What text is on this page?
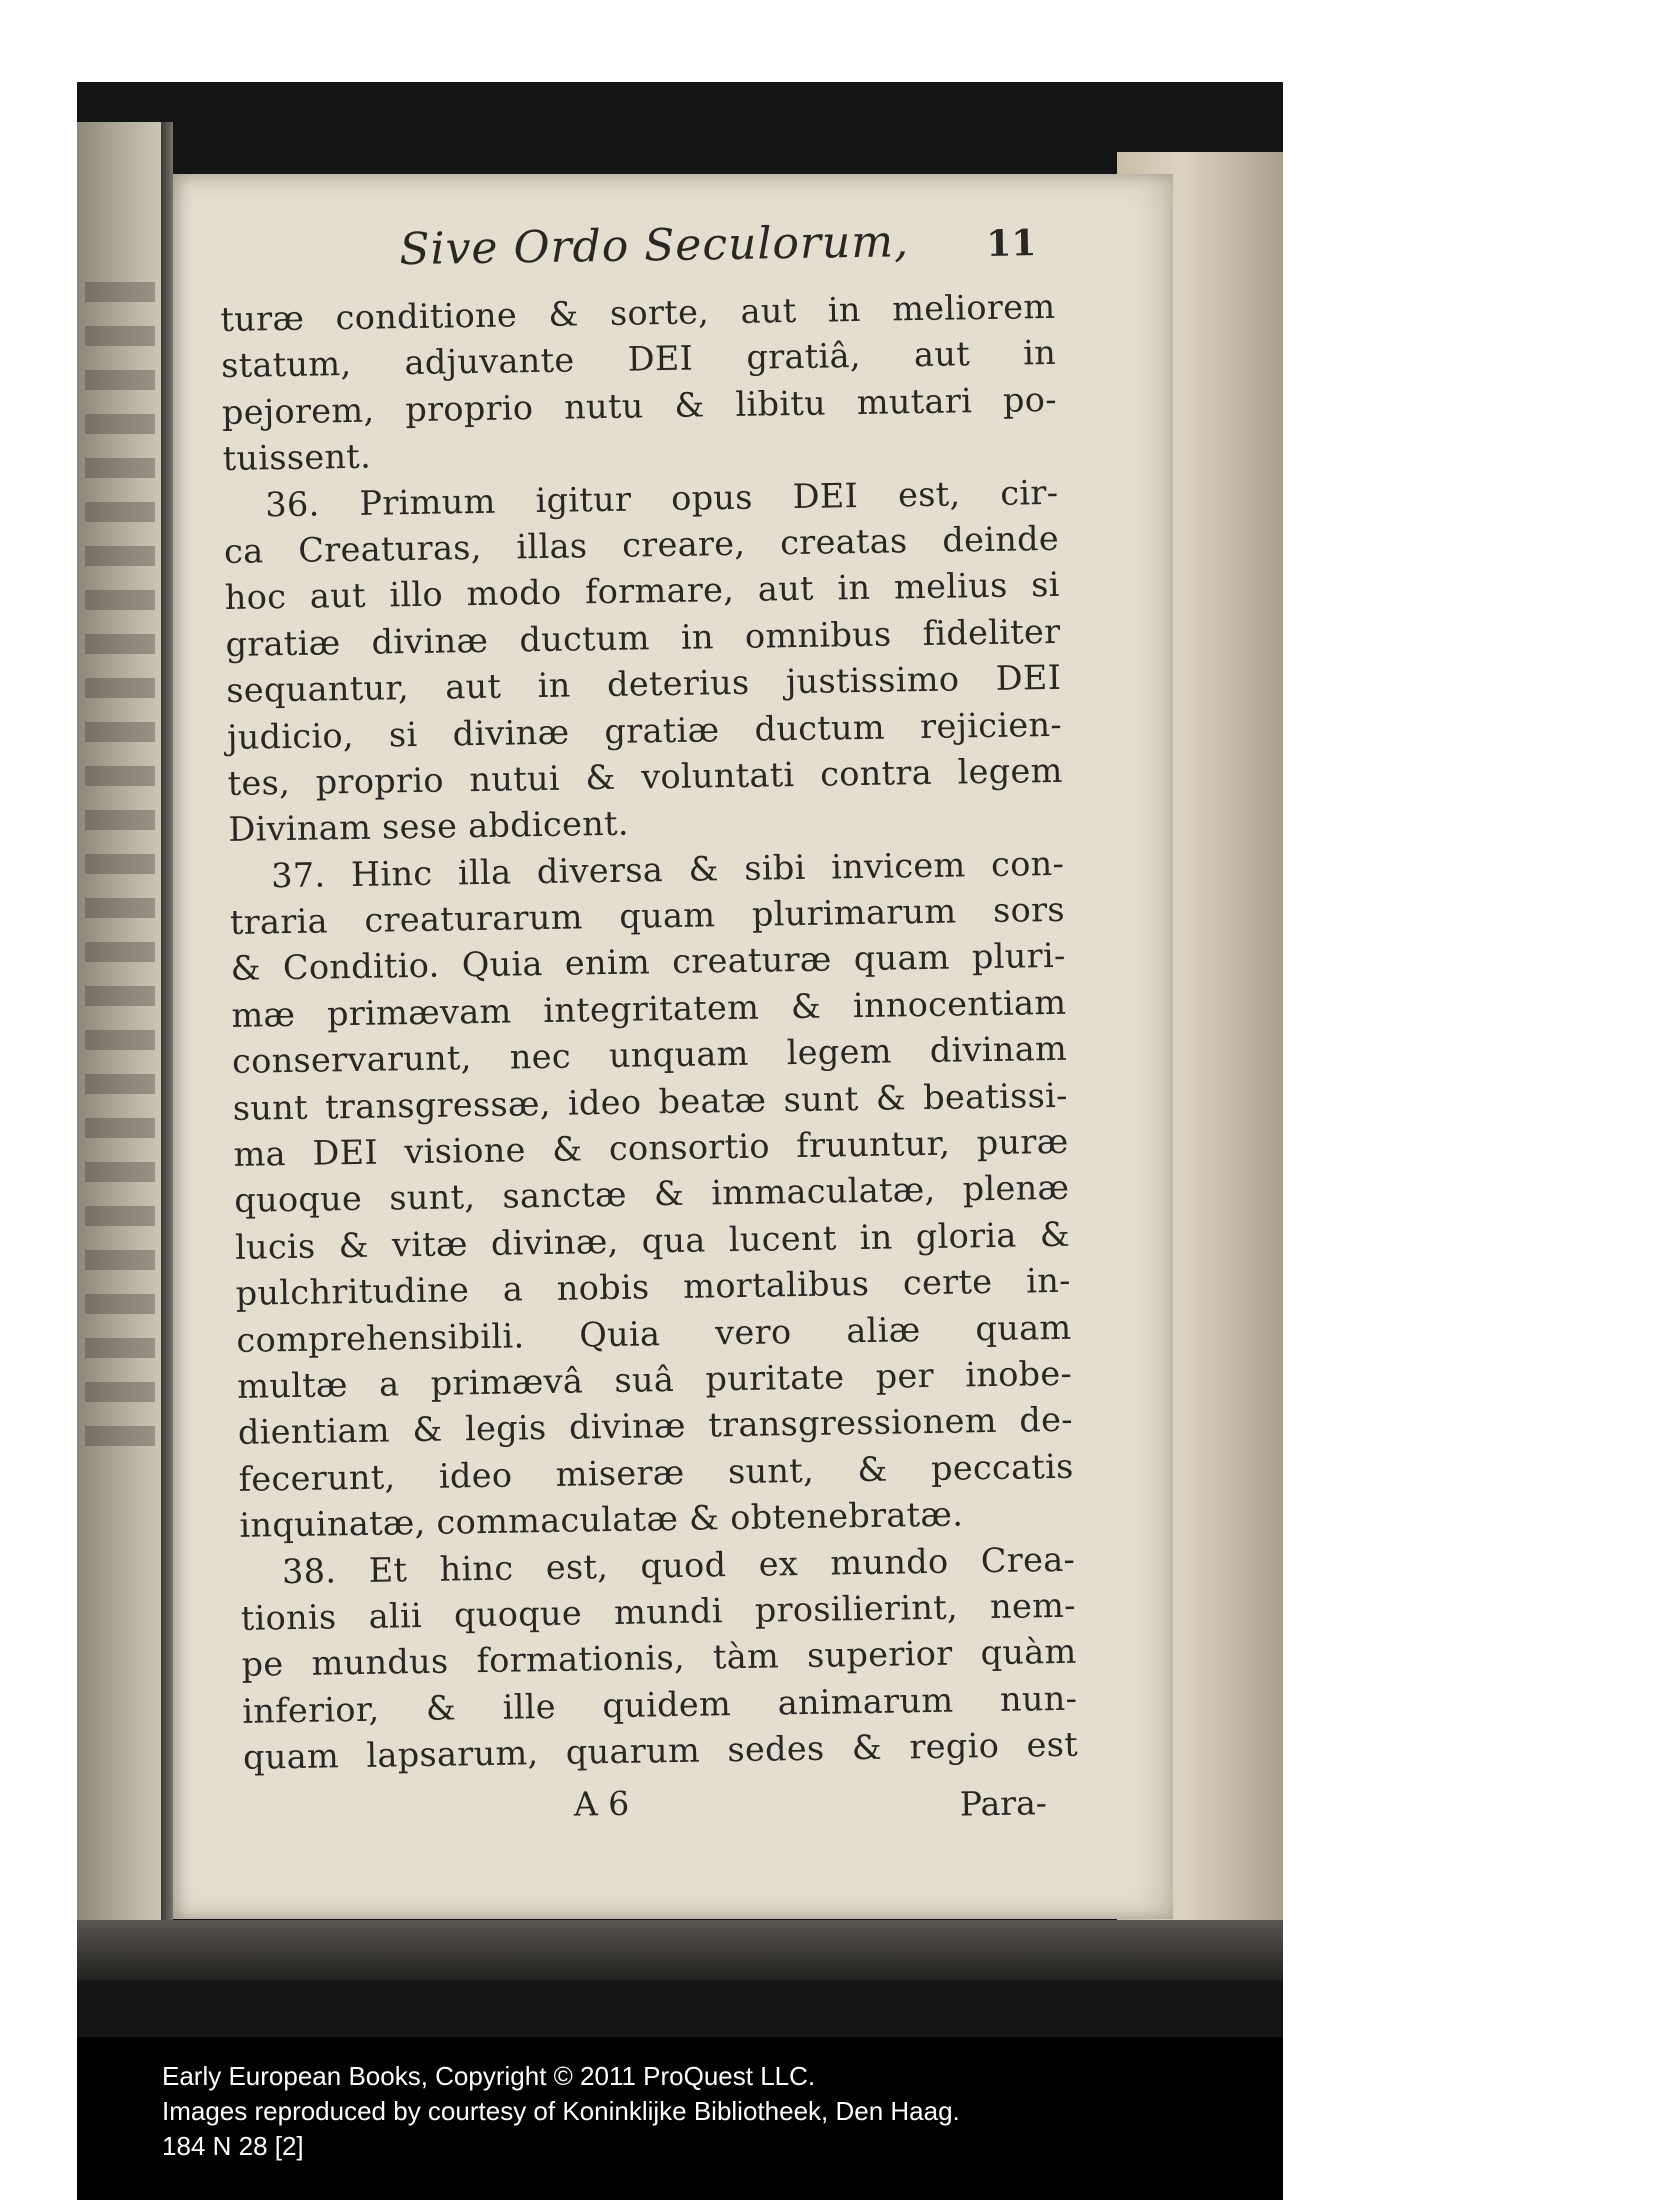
Sive Ordo Seculorum, 11
turæ conditione & sorte, aut in meliorem
statum, adjuvante DEI gratiâ, aut in
pejorem, proprio nutu & libitu mutari po-
tuissent.
36. Primum igitur opus DEI est, cir-
ca Creaturas, illas creare, creatas deinde
hoc aut illo modo formare, aut in melius si
gratiæ divinæ ductum in omnibus fideliter
sequantur, aut in deterius justissimo DEI
judicio, si divinæ gratiæ ductum rejicien-
tes, proprio nutui & voluntati contra legem
Divinam sese abdicent.
37. Hinc illa diversa & sibi invicem con-
traria creaturarum quam plurimarum sors
& Conditio. Quia enim creaturæ quam pluri-
mæ primævam integritatem & innocentiam
conservarunt, nec unquam legem divinam
sunt transgressæ, ideo beatæ sunt & beatissi-
ma DEI visione & consortio fruuntur, puræ
quoque sunt, sanctæ & immaculatæ, plenæ
lucis & vitæ divinæ, qua lucent in gloria &
pulchritudine a nobis mortalibus certe in-
comprehensibili. Quia vero aliæ quam
multæ a primævâ suâ puritate per inobe-
dientiam & legis divinæ transgressionem de-
fecerunt, ideo miseræ sunt, & peccatis
inquinatæ, commaculatæ & obtenebratæ.
38. Et hinc est, quod ex mundo Crea-
tionis alii quoque mundi prosilierint, nem-
pe mundus formationis, tàm superior quàm
inferior, & ille quidem animarum nun-
quam lapsarum, quarum sedes & regio est
A 6	Para-
Early European Books, Copyright © 2011 ProQuest LLC.
Images reproduced by courtesy of Koninklijke Bibliotheek, Den Haag.
184 N 28 [2]
